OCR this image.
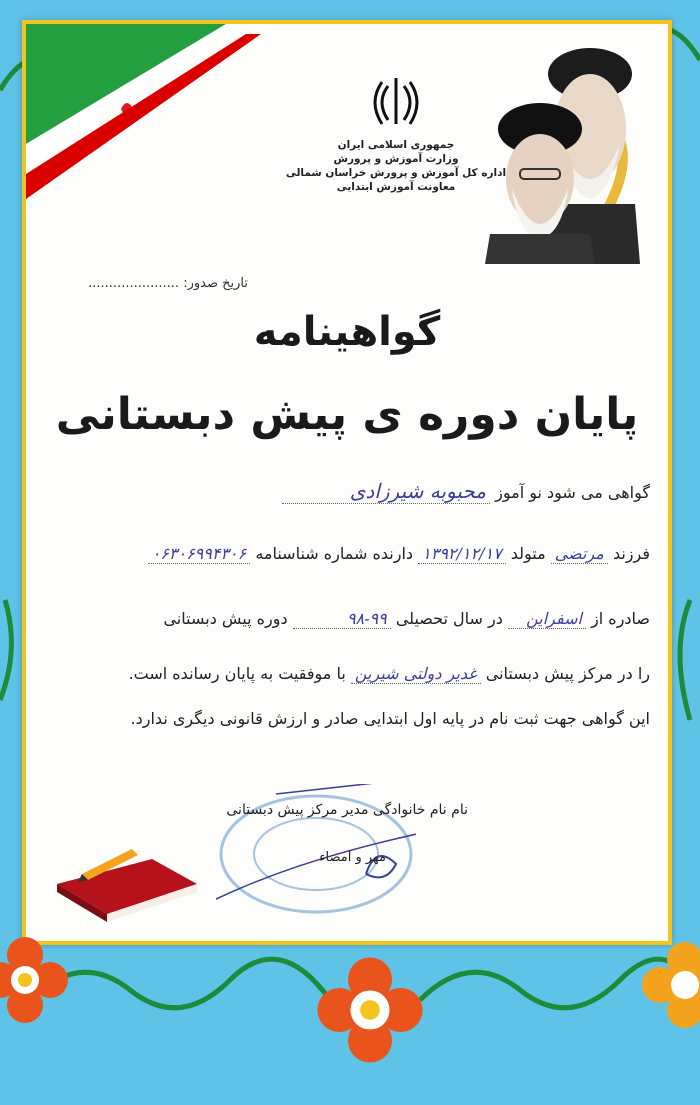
جمهوری اسلامی ایران
وزارت آموزش و پرورش
اداره کل آموزش و پرورش خراسان شمالی
معاونت آموزش ابتدایی
تاریخ صدور: ......................
گواهینامه
پایان دوره ی پیش دبستانی
گواهی می شود نو آموز محبوبه شیرزادی
فرزند مرتضی متولد ۱۳۹۲/۱۲/۱۷ دارنده شماره شناسنامه ۰۶۳۰۶۹۹۴۳۰۶
صادره از اسفراین در سال تحصیلی ۹۸-۹۹ دوره پیش دبستانی
را در مرکز پیش دبستانی غدیر دولتی شیرین با موفقیت به پایان رسانده است.
این گواهی جهت ثبت نام در پایه اول ابتدایی صادر و ارزش قانونی دیگری ندارد.
نام نام خانوادگی مدیر مرکز پیش دبستانی
مهر و امضاء
